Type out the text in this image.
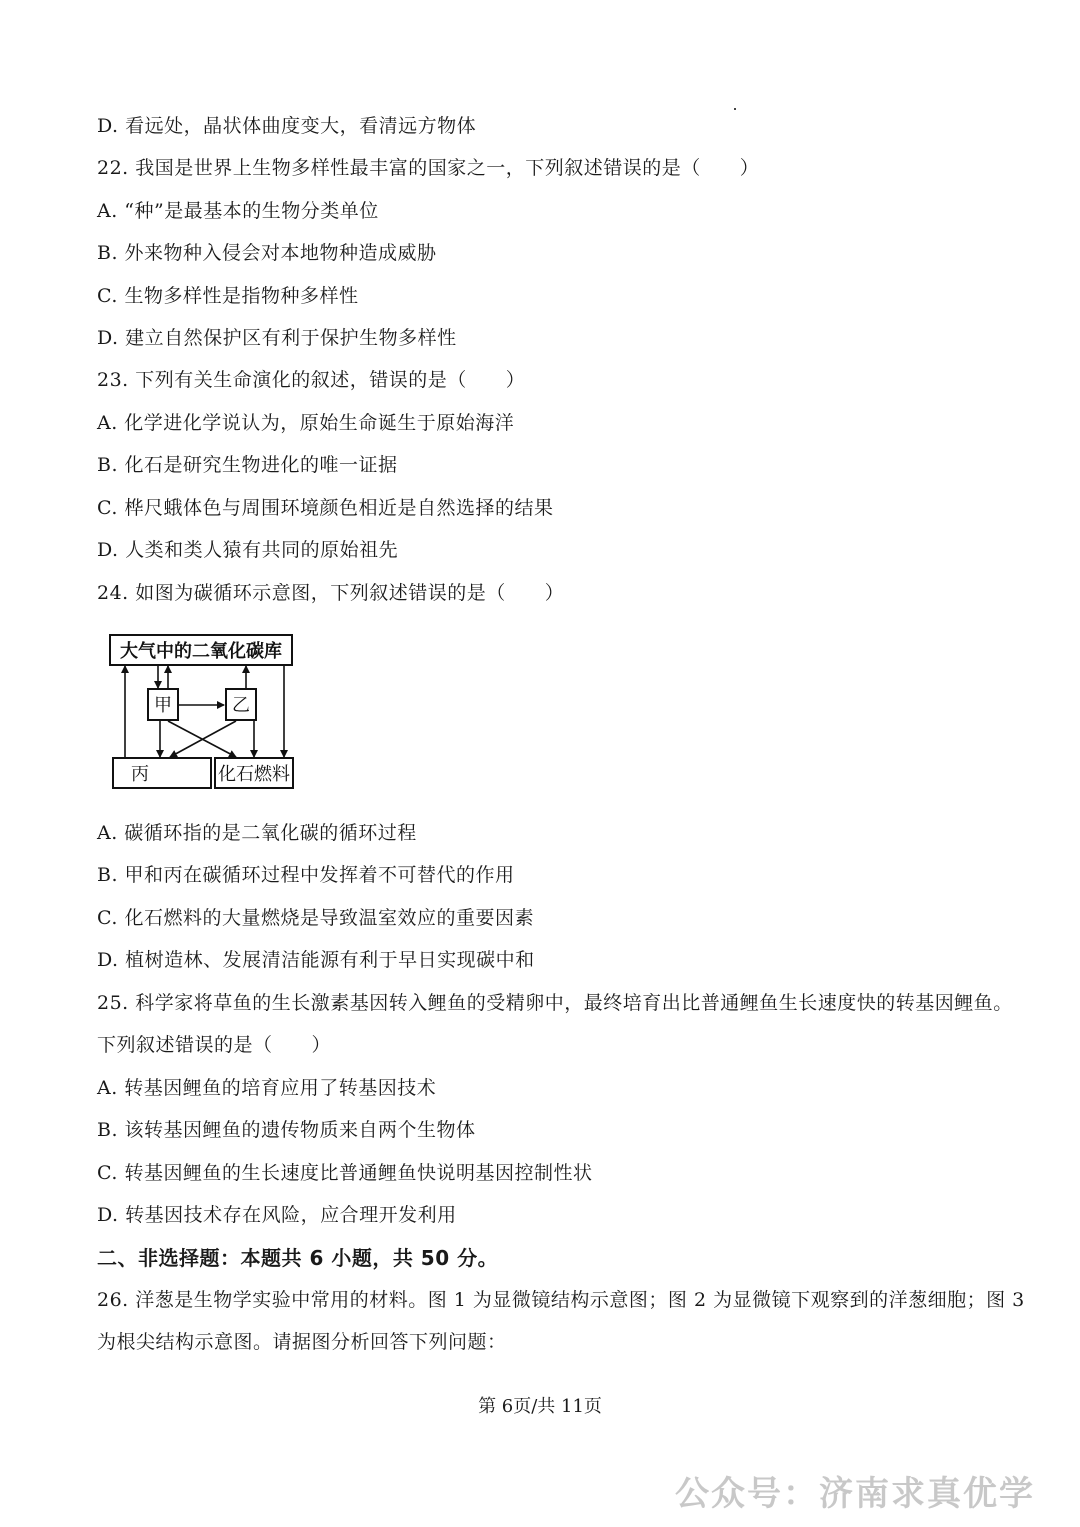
D. 看远处，晶状体曲度变大，看清远方物体
22. 我国是世界上生物多样性最丰富的国家之一，下列叙述错误的是（　　）
A. “种”是最基本的生物分类单位
B. 外来物种入侵会对本地物种造成威胁
C. 生物多样性是指物种多样性
D. 建立自然保护区有利于保护生物多样性
23. 下列有关生命演化的叙述，错误的是（　　）
A. 化学进化学说认为，原始生命诞生于原始海洋
B. 化石是研究生物进化的唯一证据
C. 桦尺蛾体色与周围环境颜色相近是自然选择的结果
D. 人类和类人猿有共同的原始祖先
24. 如图为碳循环示意图，下列叙述错误的是（　　）
大气中的二氧化碳库
甲	乙
丙	化石燃料
A. 碳循环指的是二氧化碳的循环过程
B. 甲和丙在碳循环过程中发挥着不可替代的作用
C. 化石燃料的大量燃烧是导致温室效应的重要因素
D. 植树造林、发展清洁能源有利于早日实现碳中和
25. 科学家将草鱼的生长激素基因转入鲤鱼的受精卵中，最终培育出比普通鲤鱼生长速度快的转基因鲤鱼。
下列叙述错误的是（　　）
A. 转基因鲤鱼的培育应用了转基因技术
B. 该转基因鲤鱼的遗传物质来自两个生物体
C. 转基因鲤鱼的生长速度比普通鲤鱼快说明基因控制性状
D. 转基因技术存在风险，应合理开发利用
二、非选择题：本题共 6 小题，共 50 分。
26. 洋葱是生物学实验中常用的材料。图 1 为显微镜结构示意图；图 2 为显微镜下观察到的洋葱细胞；图 3
为根尖结构示意图。请据图分析回答下列问题：
第 6页/共 11页
公众号：济南求真优学
